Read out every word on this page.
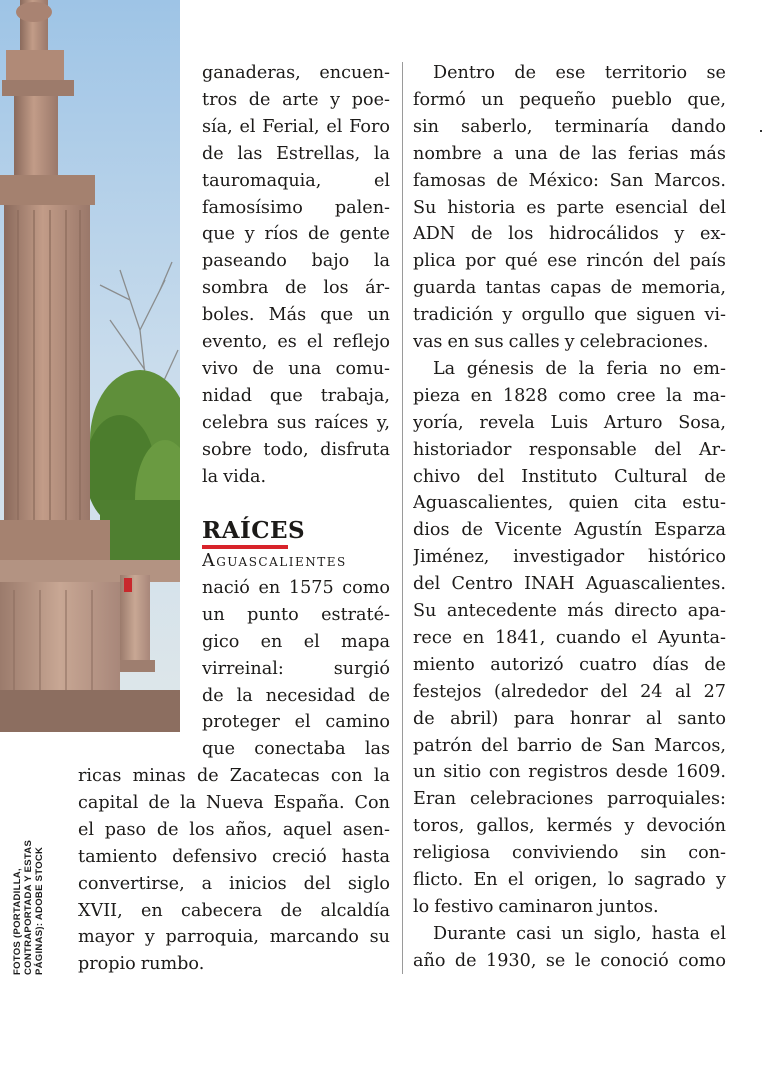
FOTOS (PORTADILLA, CONTRAPORTADA Y ESTAS PÁGINAS): ADOBE STOCK
RAÍCES
ganaderas, encuen-
tros de arte y poe-
sía, el Ferial, el Foro
de las Estrellas, la
tauromaquia,	el
famosísimo palen-
que y ríos de gente
paseando bajo la
sombra de los ár-
boles. Más que un
evento, es el reflejo
vivo de una comu-
nidad que trabaja,
celebra sus raíces y,
sobre todo, disfruta
la vida.
Aguascalientes
nació en 1575 como
un punto estraté-
gico en el mapa
virreinal:	surgió
de la necesidad de
proteger el camino
que conectaba las
ricas minas de Zacatecas con la
capital de la Nueva España. Con
el paso de los años, aquel asen-
tamiento defensivo creció hasta
convertirse, a inicios del siglo
XVII, en cabecera de alcaldía
mayor y parroquia, marcando su
propio rumbo.
Dentro de ese territorio se
formó un pequeño pueblo que,
sin saberlo, terminaría dando
nombre a una de las ferias más
famosas de México: San Marcos.
Su historia es parte esencial del
ADN de los hidrocálidos y ex-
plica por qué ese rincón del país
guarda tantas capas de memoria,
tradición y orgullo que siguen vi-
vas en sus calles y celebraciones.
La génesis de la feria no em-
pieza en 1828 como cree la ma-
yoría, revela Luis Arturo Sosa,
historiador responsable del Ar-
chivo del Instituto Cultural de
Aguascalientes, quien cita estu-
dios de Vicente Agustín Esparza
Jiménez, investigador histórico
del Centro INAH Aguascalientes.
Su antecedente más directo apa-
rece en 1841, cuando el Ayunta-
miento autorizó cuatro días de
festejos (alrededor del 24 al 27
de abril) para honrar al santo
patrón del barrio de San Marcos,
un sitio con registros desde 1609.
Eran celebraciones parroquiales:
toros, gallos, kermés y devoción
religiosa conviviendo sin con-
flicto. En el origen, lo sagrado y
lo festivo caminaron juntos.
Durante casi un siglo, hasta el
año de 1930, se le conoció como
